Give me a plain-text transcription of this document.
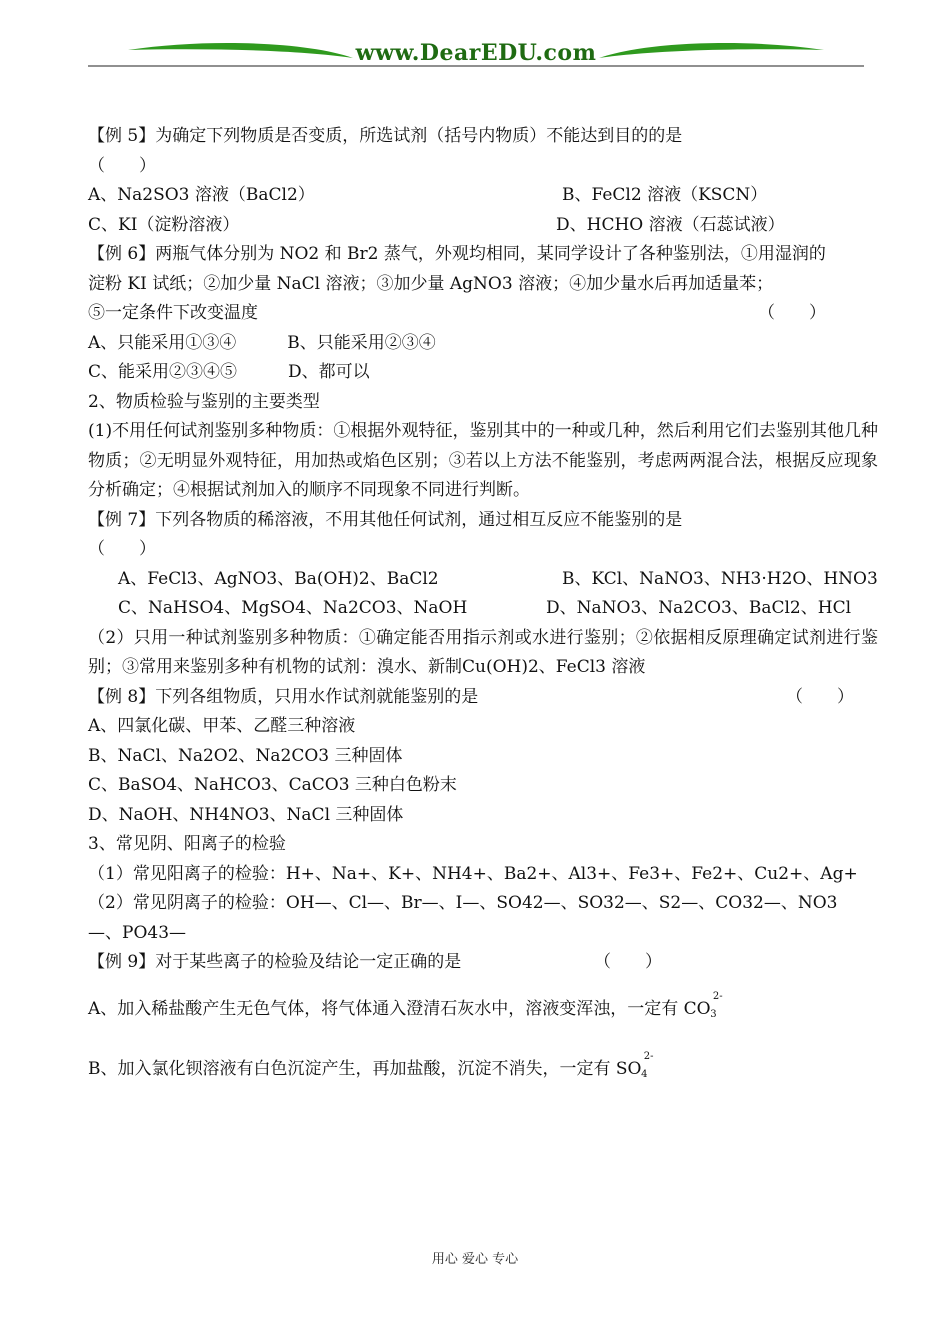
www.DearEDU.com
【例 5】为确定下列物质是否变质，所选试剂（括号内物质）不能达到目的的是
（　　）
A、Na2SO3 溶液（BaCl2）	B、FeCl2 溶液（KSCN）
C、KI（淀粉溶液）	D、HCHO 溶液（石蕊试液）
【例 6】两瓶气体分别为 NO2 和 Br2 蒸气，外观均相同，某同学设计了各种鉴别法，①用湿润的
淀粉 KI 试纸；②加少量 NaCl 溶液；③加少量 AgNO3 溶液；④加少量水后再加适量苯；
⑤一定条件下改变温度	（　　）
A、只能采用①③④　　　B、只能采用②③④
C、能采用②③④⑤　　　D、都可以
2、物质检验与鉴别的主要类型
(1)不用任何试剂鉴别多种物质：①根据外观特征，鉴别其中的一种或几种，然后利用它们去鉴别其他几种物质；②无明显外观特征，用加热或焰色区别；③若以上方法不能鉴别，考虑两两混合法，根据反应现象分析确定；④根据试剂加入的顺序不同现象不同进行判断。
【例 7】下列各物质的稀溶液，不用其他任何试剂，通过相互反应不能鉴别的是
（　　）
A、FeCl3、AgNO3、Ba(OH)2、BaCl2	B、KCl、NaNO3、NH3·H2O、HNO3
C、NaHSO4、MgSO4、Na2CO3、NaOH	D、NaNO3、Na2CO3、BaCl2、HCl
（2）只用一种试剂鉴别多种物质：①确定能否用指示剂或水进行鉴别；②依据相反原理确定试剂进行鉴别；③常用来鉴别多种有机物的试剂：溴水、新制Cu(OH)2、FeCl3 溶液
【例 8】下列各组物质，只用水作试剂就能鉴别的是	（　　）
A、四氯化碳、甲苯、乙醛三种溶液
B、NaCl、Na2O2、Na2CO3 三种固体
C、BaSO4、NaHCO3、CaCO3 三种白色粉末
D、NaOH、NH4NO3、NaCl 三种固体
3、常见阴、阳离子的检验
（1）常见阳离子的检验：H+、Na+、K+、NH4+、Ba2+、Al3+、Fe3+、Fe2+、Cu2+、Ag+
（2）常见阴离子的检验：OH—、Cl—、Br—、I—、SO42—、SO32—、S2—、CO32—、NO3
—、PO43—
【例 9】对于某些离子的检验及结论一定正确的是	（　　）
A、加入稀盐酸产生无色气体，将气体通入澄清石灰水中，溶液变浑浊，一定有 CO
2-
3
B、加入氯化钡溶液有白色沉淀产生，再加盐酸，沉淀不消失，一定有 SO
2-
4
用心 爱心 专心
